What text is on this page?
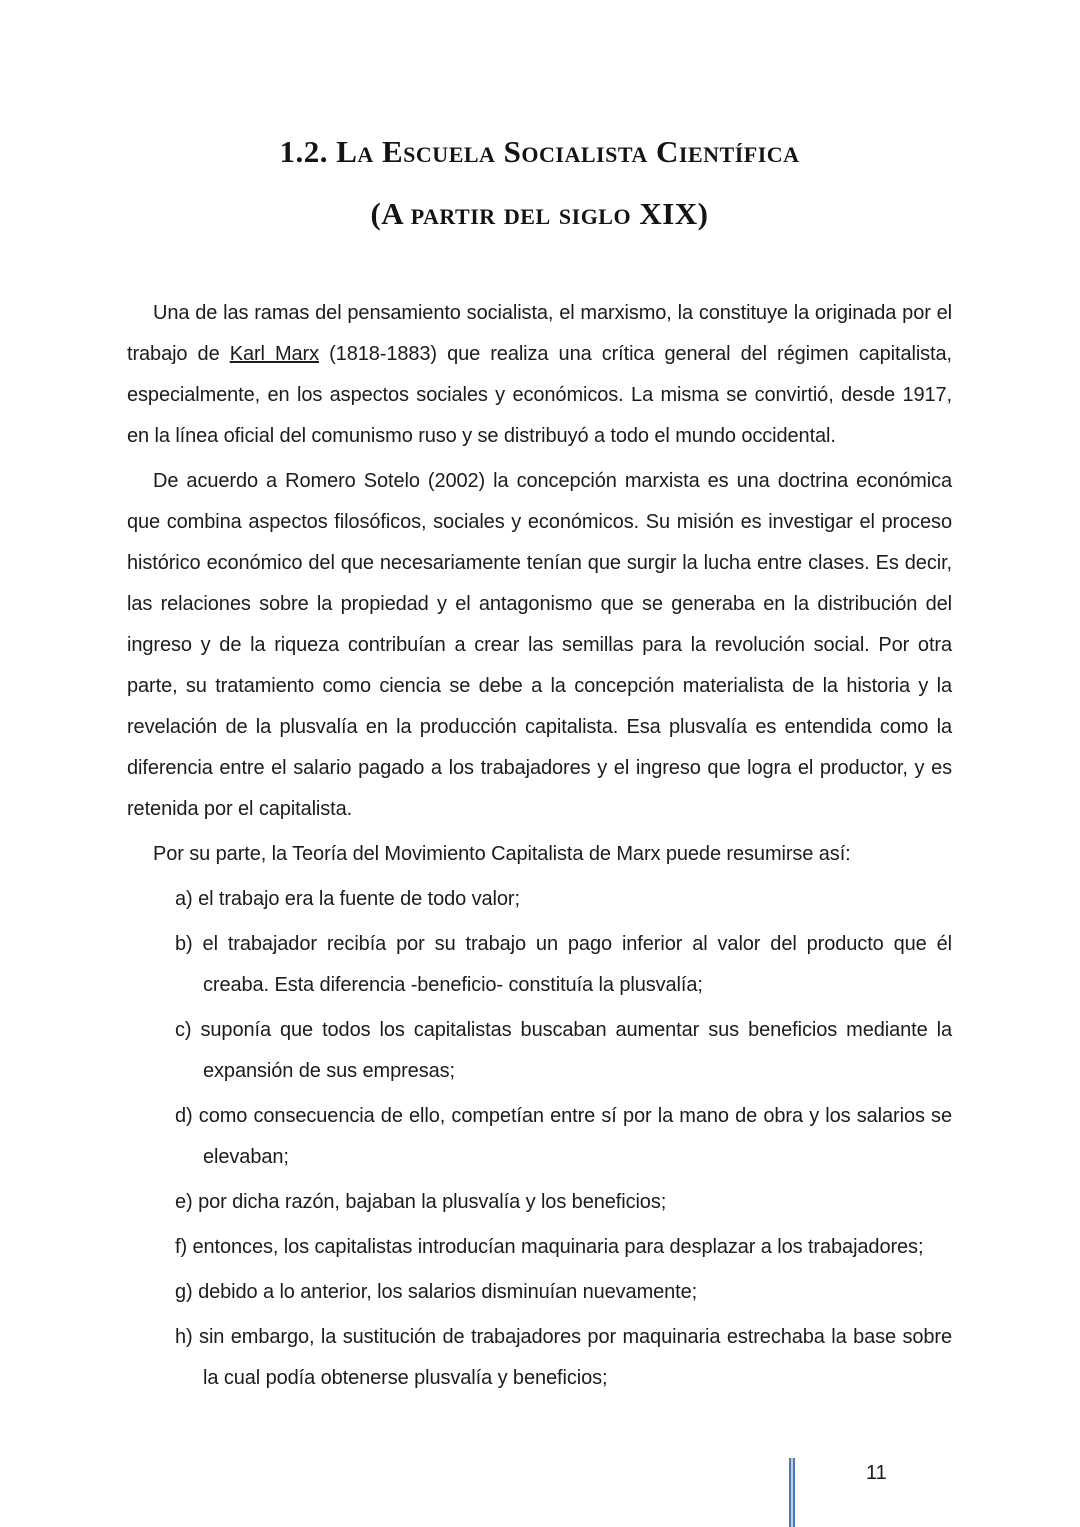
1.2. La Escuela Socialista Científica
(A partir del siglo XIX)

Una de las ramas del pensamiento socialista, el marxismo, la constituye la originada por el trabajo de Karl Marx (1818-1883) que realiza una crítica general del régimen capitalista, especialmente, en los aspectos sociales y económicos. La misma se convirtió, desde 1917, en la línea oficial del comunismo ruso y se distribuyó a todo el mundo occidental.

De acuerdo a Romero Sotelo (2002) la concepción marxista es una doctrina económica que combina aspectos filosóficos, sociales y económicos. Su misión es investigar el proceso histórico económico del que necesariamente tenían que surgir la lucha entre clases. Es decir, las relaciones sobre la propiedad y el antagonismo que se generaba en la distribución del ingreso y de la riqueza contribuían a crear las semillas para la revolución social. Por otra parte, su tratamiento como ciencia se debe a la concepción materialista de la historia y la revelación de la plusvalía en la producción capitalista. Esa plusvalía es entendida como la diferencia entre el salario pagado a los trabajadores y el ingreso que logra el productor, y es retenida por el capitalista.

Por su parte, la Teoría del Movimiento Capitalista de Marx puede resumirse así:

a) el trabajo era la fuente de todo valor;
b) el trabajador recibía por su trabajo un pago inferior al valor del producto que él creaba. Esta diferencia -beneficio- constituía la plusvalía;
c) suponía que todos los capitalistas buscaban aumentar sus beneficios mediante la expansión de sus empresas;
d) como consecuencia de ello, competían entre sí por la mano de obra y los salarios se elevaban;
e) por dicha razón, bajaban la plusvalía y los beneficios;
f) entonces, los capitalistas introducían maquinaria para desplazar a los trabajadores;
g) debido a lo anterior, los salarios disminuían nuevamente;
h) sin embargo, la sustitución de trabajadores por maquinaria estrechaba la base sobre la cual podía obtenerse plusvalía y beneficios;
11
